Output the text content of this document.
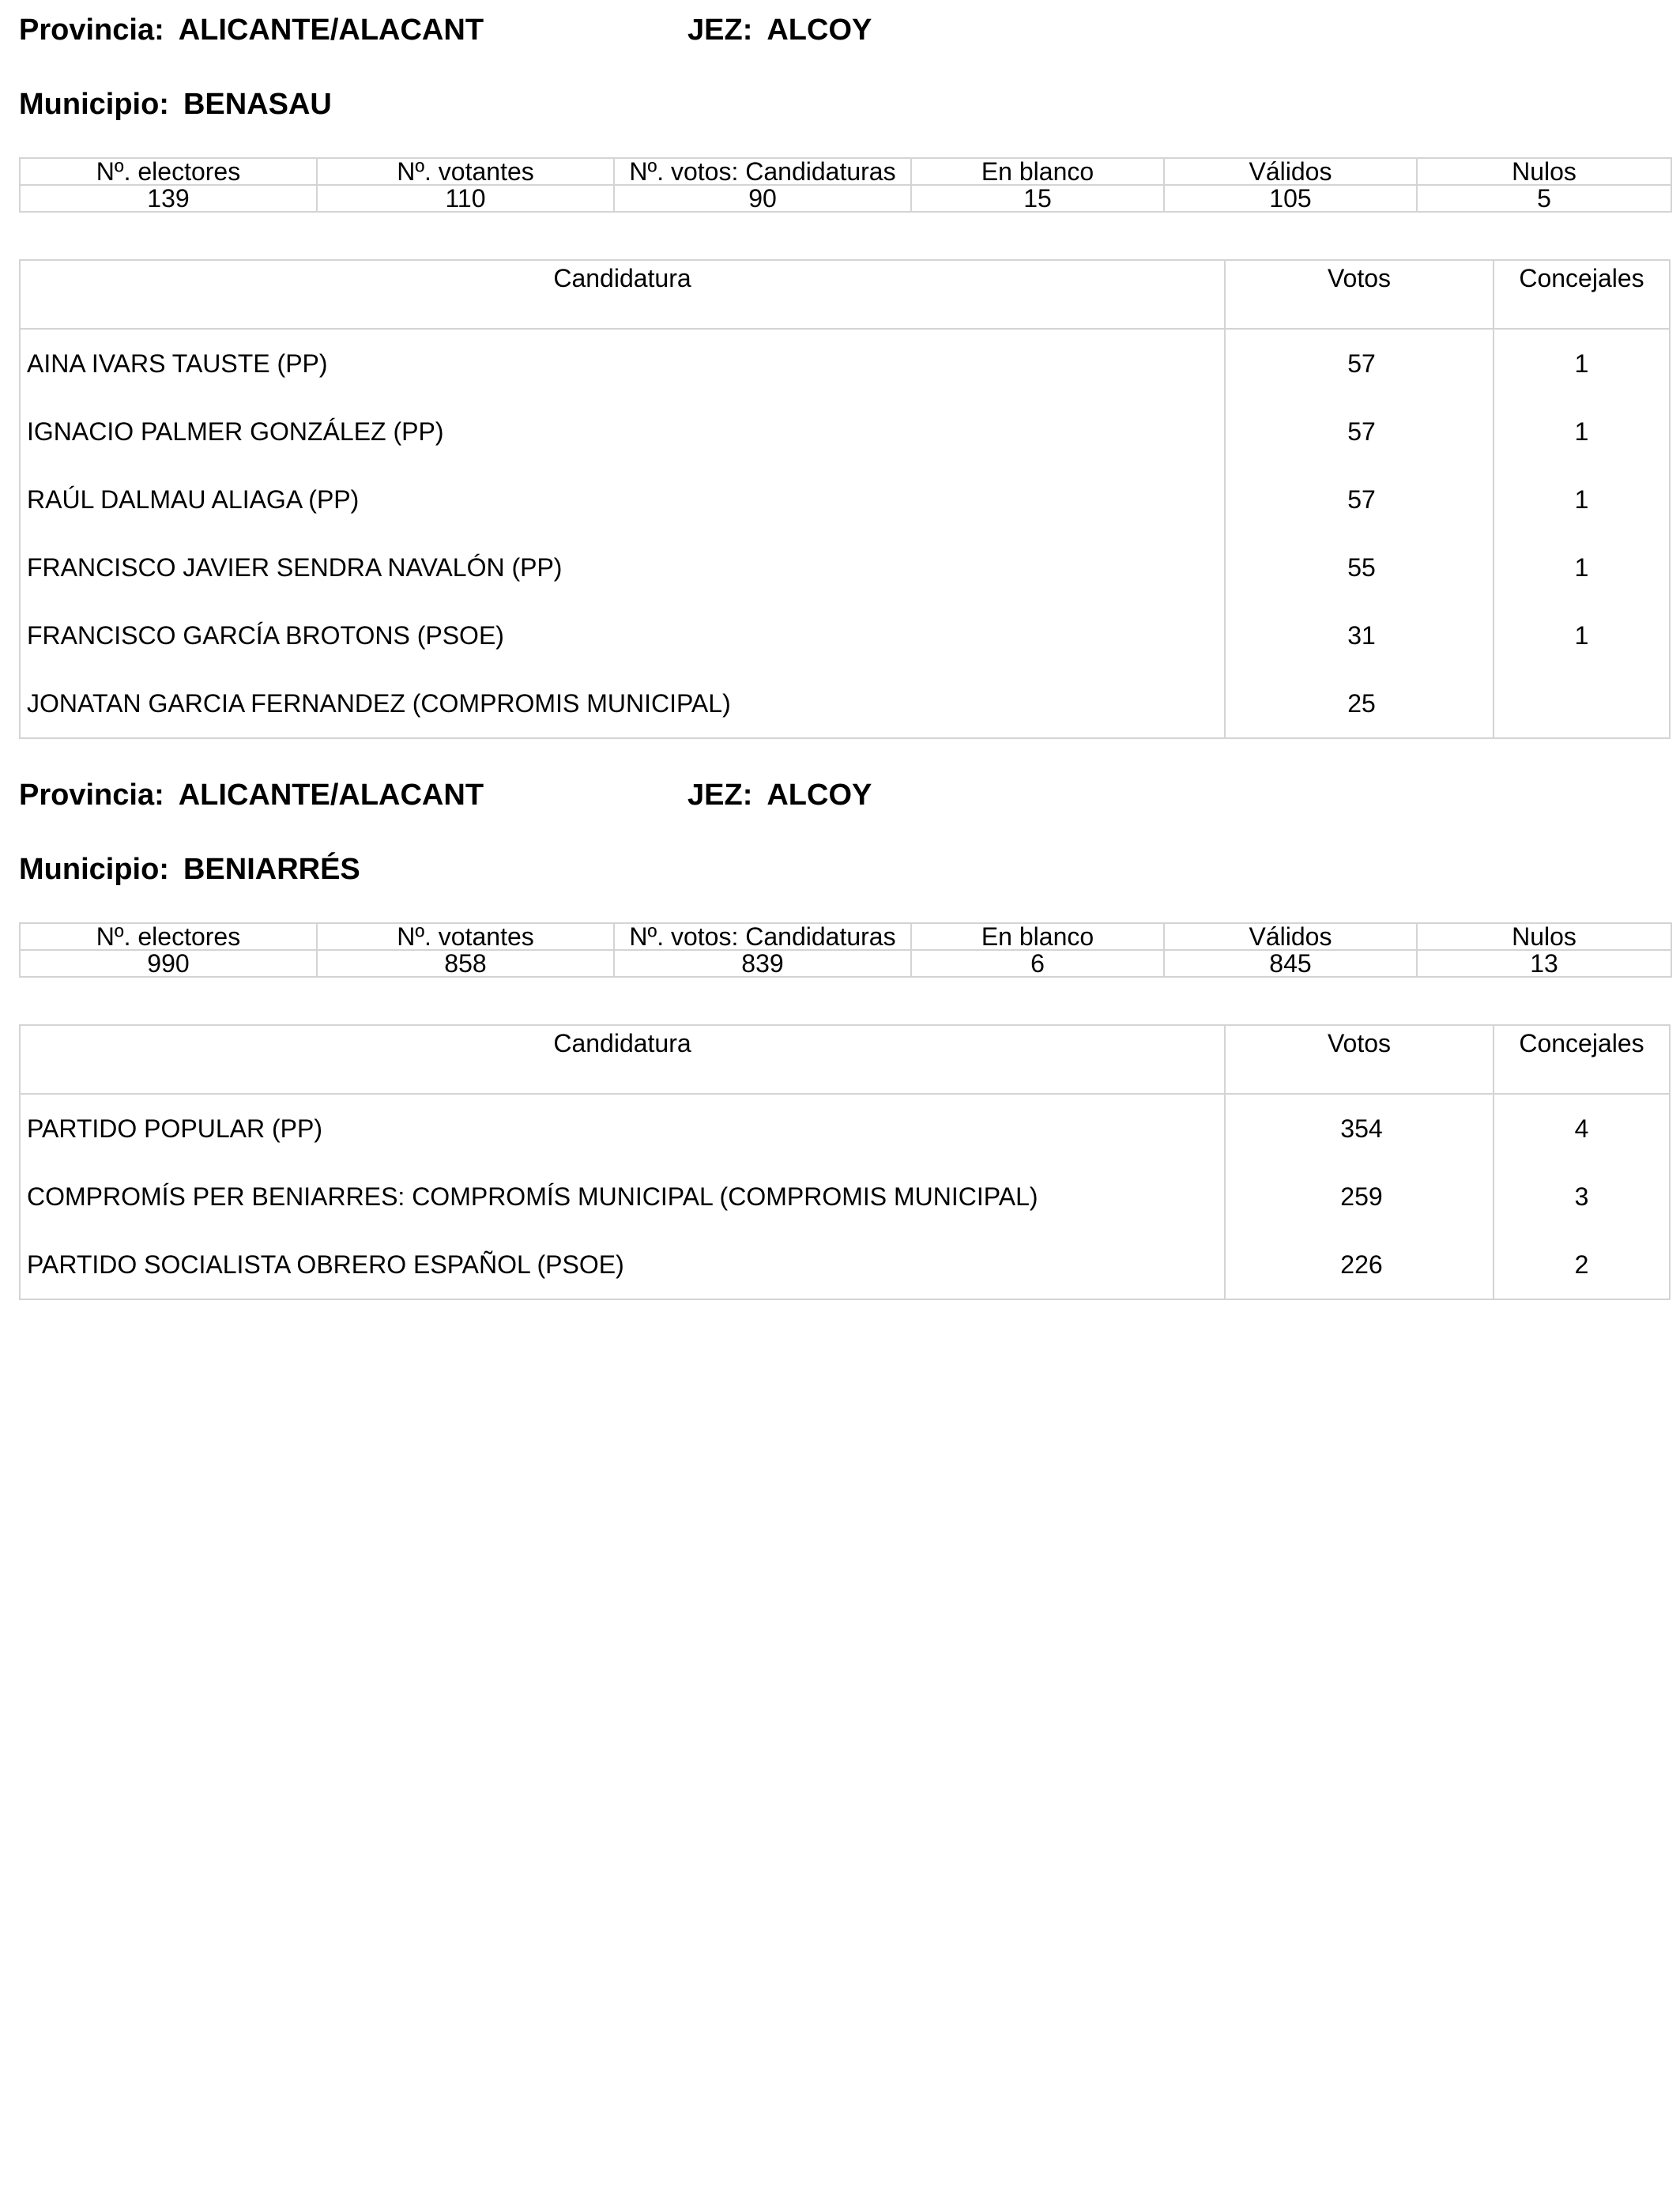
Provincia: ALICANTE/ALACANT	JEZ: ALCOY
Municipio: BENASAU
Nº. electores	Nº. votantes	Nº. votos: Candidaturas	En blanco	Válidos	Nulos
139	110	90	15	105	5
Candidatura	Votos	Concejales
AINA IVARS TAUSTE (PP)	57	1
IGNACIO PALMER GONZÁLEZ (PP)	57	1
RAÚL DALMAU ALIAGA (PP)	57	1
FRANCISCO JAVIER SENDRA NAVALÓN (PP)	55	1
FRANCISCO GARCÍA BROTONS (PSOE)	31	1
JONATAN GARCIA FERNANDEZ (COMPROMIS MUNICIPAL)	25	
Provincia: ALICANTE/ALACANT	JEZ: ALCOY
Municipio: BENIARRÉS
Nº. electores	Nº. votantes	Nº. votos: Candidaturas	En blanco	Válidos	Nulos
990	858	839	6	845	13
Candidatura	Votos	Concejales
PARTIDO POPULAR (PP)	354	4
COMPROMÍS PER BENIARRES: COMPROMÍS MUNICIPAL (COMPROMIS MUNICIPAL)	259	3
PARTIDO SOCIALISTA OBRERO ESPAÑOL (PSOE)	226	2
